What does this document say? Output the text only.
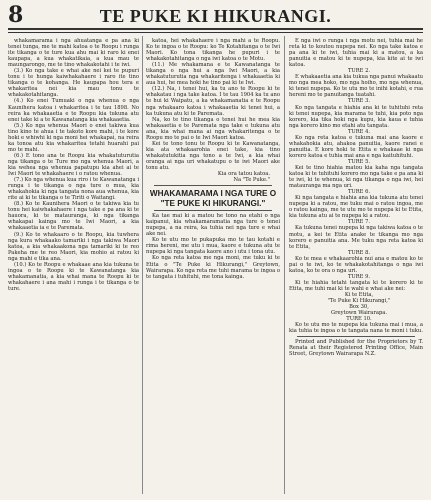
8	TE PUKE KI HIKURANGI.

whakamarama i nga ahuatanga e pa ana ki tenei tunga, me te mahi katoa o te Roopu i runga ite tikanga o te ture kua ahu mai ki raro ki enei kaupapa, a kua whakatikaia, a kua mau te maungarongo, me te tino whakakotahi i te iwi.

(3.) Ko nga take e whai ake nei kei te pupuri tonu i te hunga kaiwhakahaere i raro ite tino tikanga o te kohanga. He kaupapa hou tera e whakaritea nei kia mau tonu te whakakotahitanga.

(4.) Ko enei Tumuaki o nga whenua o nga Kaunihera katoa i whakaritea i te tau 1898. No reira ka whakaaetia e te Roopu kia tukuna atu enei take ki a te Kawanatanga kia whakaaetia.

(5.) Ko nga whenua Maori o enei takiwa kua tino kino te ahua i te takoto kore mahi, i te kore hoki e whiwhi ki nga moni hei whakapai, na reira ka tonoa atu kia whakaritea tetahi huarahi pai mo te mahi.

(6.) E tono ana te Roopu kia whakatuturutia nga tikanga o te Ture mo nga whenua Maori, a kia wehea nga whenua papatupu kia ahei ai te Iwi Maori te whakahaere i o ratou whenua.

(7.) Ko nga whenua kua riro i te Kawanatanga i runga i te tikanga o nga ture o mua, kia whakahokia ki nga tangata nona aua whenua, kia rite ai ki te tikanga o te Tiriti o Waitangi.

(8.) Ko te Kaunihera Maori o te takiwa kia tu tonu hei kaiwhakahaere i nga take e pa ana ki te hauora, ki te matauranga, ki nga tikanga whakapai kainga mo te Iwi Maori, a kia whakaaetia ia e te Paremata.

(9.) Ko te whakaaro o te Roopu, kia tuwhera nga kura whakaako tamariki i nga takiwa Maori katoa, a kia whakaakona nga tamariki ki te reo Pakeha me te reo Maori, kia mohio ai ratou ki nga mahi e tika ana.

(10.) Ko te Roopu e whakaae ana kia tukuna te ingoa o te Roopu ki te Kawanatanga kia whakamanatia, a kia whai mana te Roopu ki te whakahaere i ana mahi i runga i te tikanga o te ture.

katoa, hei whakahaere i nga mahi a te Roopu. Ko te ingoa o te Roopu: ko Te Kotahitanga o te Iwi Maori. Ko tona tikanga he pupuri i te whakakotahitanga o nga iwi katoa o te Motu.

(11.) Me whakamana e te Kawanatanga te tikanga o nga hui a nga Iwi Maori, a kia whakatuturutia nga whakaritenga i whakaaetia ki aua hui, he mea hoki he tino pai ki te Iwi.

(12.) Na, i tenei hui, ka tu ano te Roopu ki te whakatau i nga take katoa. I te tau 1904 ka tu ano te hui ki Waipatu, a ka whakamanatia e te Roopu nga whakaaro katoa i whakaaetia ki tenei hui, a ka tukuna atu ki te Paremata.

Na, ko te tino tikanga o tenei hui he mea kia whakaaetia e te Paremata nga take e tukuna atu ana, kia whai mana ai nga whakaritenga o te Roopu mo te pai o te Iwi Maori katoa.

Kei te tono tonu te Roopu ki te Kawanatanga, kia ata whakaarohia enei take, kia tino whakatutukitia nga tono a te Iwi, a kia whai oranga ai nga uri whakatupu o te iwi Maori ake tonu atu.

Kia ora tatou katoa.

Na "Te Puke."

WHAKAMARAMA I NGA TURE O "TE PUKE KI HIKURANGI."

Ka tae mai ki a matou he tono na etahi o nga kaipanui, kia whakamaramatia nga ture o tenei nupepa, a na reira, ka tuhia nei nga ture e whai ake nei.

Ko te utu mo te pukapuka mo te tau kotahi e rima hereni, me utu i mua, kaore e tukuna atu te nupepa ki nga tangata kaore ano i utu i tona utu.

Ko nga reta katoa me nga moni, me tuku ki te Etita o "Te Puke ki Hikurangi," Greytown, Wairarapa. Ko nga reta me tuhi marama te ingoa o te tangata i tuhituhi, me tona kainga.

E nga iwi o runga i nga motu nei, tuhia mai he reta ki to koutou nupepa nei. Ko nga take katoa e pa ana ki te iwi, tuhia mai ki a matou, a ka panuitia e matou ki te nupepa, kia kite ai te iwi katoa.

TURE 2.

E whakaaetia ana kia tukua nga panui whakaatu mo nga mea hoko, mo nga hoiho, mo nga whenua, ki tenei nupepa. Ko te utu mo te inihi kotahi, e rua hereni mo te panuitanga tuatahi.

TURE 3.

Ko nga tangata e hiahia ana ki te tuhituhi reta ki tenei nupepa, kia marama te tuhi, kia poto nga korero, kia tika hoki nga kupu, kia kaua e tuhia nga korero kino mo etahi atu tangata.

TURE 4.

Ko nga reta katoa e tukuna mai ana kaore e whakahokia atu, ahakoa panuitia, kaore ranei e panuitia. E kore hoki te Etita e whakaae ki nga korero katoa e tuhia mai ana e nga kaituhituhi.

TURE 5.

Kei te tino hiahia matou kia kaha nga tangata katoa ki te tuhituhi korero mo nga take e pa ana ki te iwi, ki te whenua, ki nga tikanga o nga iwi, hei matauranga ma nga uri.

TURE 6.

Ki nga tangata e hiahia ana kia tukuna atu tenei nupepa ki a ratou, me tuku mai o ratou ingoa, me o ratou kainga, me te utu mo te nupepa ki te Etita, kia tukuna atu ai te nupepa ki a ratou.

TURE 7.

Ka tukuna tenei nupepa ki nga takiwa katoa o te motu, a kei te Etita anake te tikanga mo nga korero e panuitia ana. Me tuku nga reta katoa ki te Etita,

TURE 8.

Ko te mea e whakaarohia nui ana e matou ko te pai o te iwi, ko te whakakotahitanga o nga iwi katoa, ko te ora o nga uri.

TURE 9.

Ki te hiahia tetahi tangata ki te korero ki te Etita, me tuhi mai ki te wahi e whai ake nei:

Ki te Etita,

"Te Puke Ki Hikurangi,"

Box 30,

Greytown Wairarapa.

TURE 10.

Ko te utu mo te nupepa kia tukuna mai i mua, a kia tuhia te ingoa o te tangata nana te moni i tuku.

Printed and Published for the Proprietors by T. Renata at their Registered Printing Office, Main Street, Greytown Wairarapa N.Z.
